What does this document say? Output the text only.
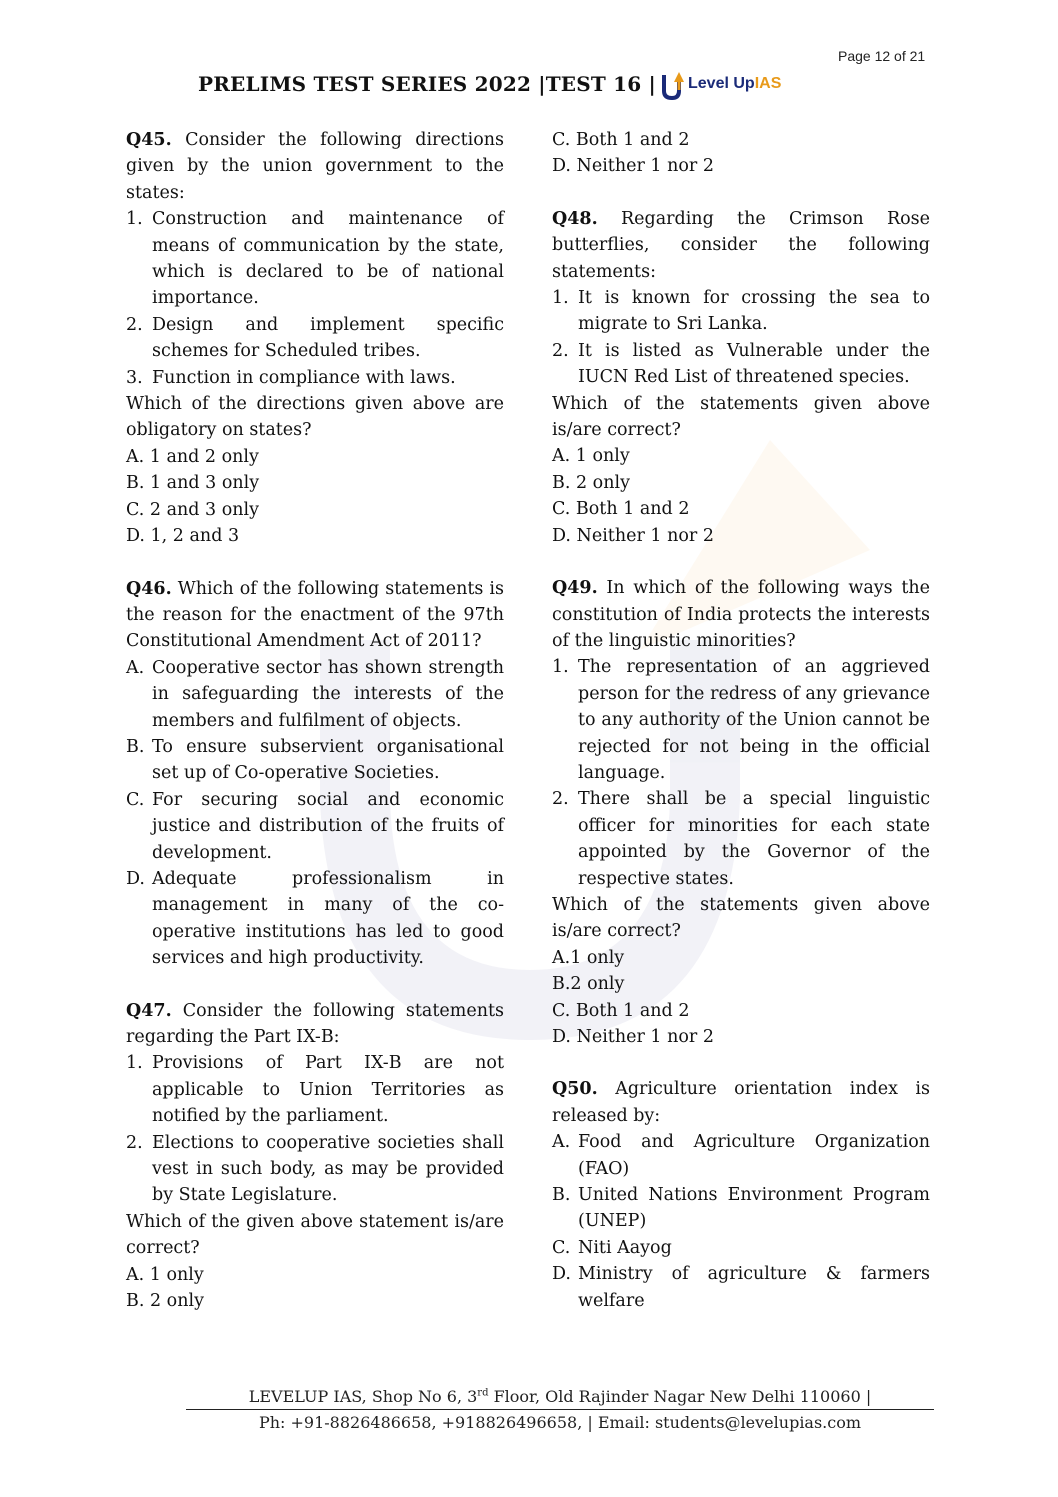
Page 12 of 21
PRELIMS TEST SERIES 2022 |TEST 16 | Level UpIAS
Q45. Consider the following directions given by the union government to the states:
1. Construction and maintenance of means of communication by the state, which is declared to be of national importance.
2. Design and implement specific schemes for Scheduled tribes.
3. Function in compliance with laws.
Which of the directions given above are obligatory on states?
A. 1 and 2 only
B. 1 and 3 only
C. 2 and 3 only
D. 1, 2 and 3
Q46. Which of the following statements is the reason for the enactment of the 97th Constitutional Amendment Act of 2011?
A. Cooperative sector has shown strength in safeguarding the interests of the members and fulfilment of objects.
B. To ensure subservient organisational set up of Co-operative Societies.
C. For securing social and economic justice and distribution of the fruits of development.
D. Adequate professionalism in management in many of the co-operative institutions has led to good services and high productivity.
Q47. Consider the following statements regarding the Part IX-B:
1. Provisions of Part IX-B are not applicable to Union Territories as notified by the parliament.
2. Elections to cooperative societies shall vest in such body, as may be provided by State Legislature.
Which of the given above statement is/are correct?
A. 1 only
B. 2 only
C. Both 1 and 2
D. Neither 1 nor 2
Q48. Regarding the Crimson Rose butterflies, consider the following statements:
1. It is known for crossing the sea to migrate to Sri Lanka.
2. It is listed as Vulnerable under the IUCN Red List of threatened species.
Which of the statements given above is/are correct?
A. 1 only
B. 2 only
C. Both 1 and 2
D. Neither 1 nor 2
Q49. In which of the following ways the constitution of India protects the interests of the linguistic minorities?
1. The representation of an aggrieved person for the redress of any grievance to any authority of the Union cannot be rejected for not being in the official language.
2. There shall be a special linguistic officer for minorities for each state appointed by the Governor of the respective states.
Which of the statements given above is/are correct?
A.1 only
B.2 only
C. Both 1 and 2
D. Neither 1 nor 2
Q50. Agriculture orientation index is released by:
A. Food and Agriculture Organization (FAO)
B. United Nations Environment Program (UNEP)
C. Niti Aayog
D. Ministry of agriculture & farmers welfare
LEVELUP IAS, Shop No 6, 3rd Floor, Old Rajinder Nagar New Delhi 110060 |
Ph: +91-8826486658, +918826496658, | Email: students@levelupias.com
